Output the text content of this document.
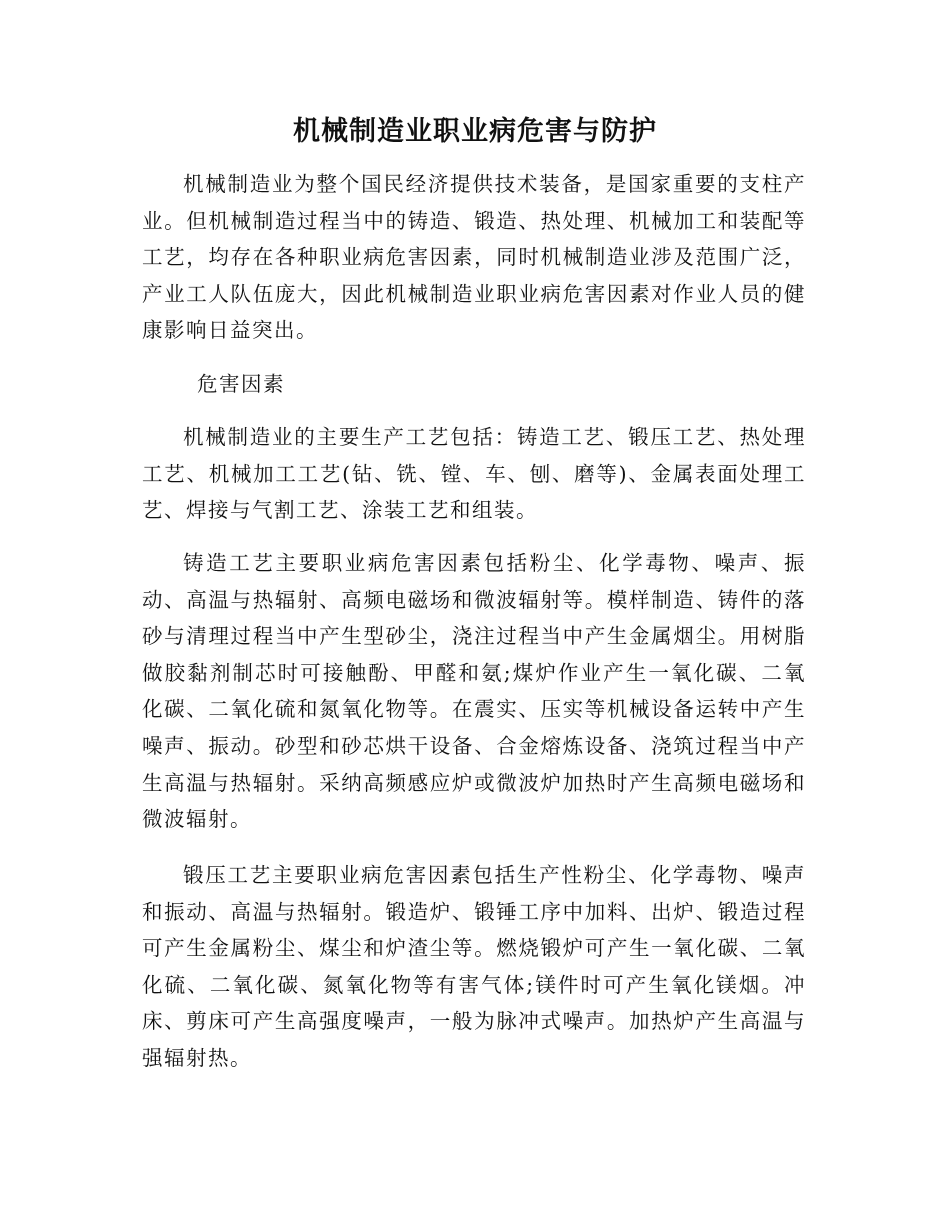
机械制造业职业病危害与防护

机械制造业为整个国民经济提供技术装备，是国家重要的支柱产业。但机械制造过程当中的铸造、锻造、热处理、机械加工和装配等工艺，均存在各种职业病危害因素，同时机械制造业涉及范围广泛，产业工人队伍庞大，因此机械制造业职业病危害因素对作业人员的健康影响日益突出。

危害因素

机械制造业的主要生产工艺包括：铸造工艺、锻压工艺、热处理工艺、机械加工工艺(钻、铣、镗、车、刨、磨等)、金属表面处理工艺、焊接与气割工艺、涂装工艺和组装。

铸造工艺主要职业病危害因素包括粉尘、化学毒物、噪声、振动、高温与热辐射、高频电磁场和微波辐射等。模样制造、铸件的落砂与清理过程当中产生型砂尘，浇注过程当中产生金属烟尘。用树脂做胶黏剂制芯时可接触酚、甲醛和氨;煤炉作业产生一氧化碳、二氧化碳、二氧化硫和氮氧化物等。在震实、压实等机械设备运转中产生噪声、振动。砂型和砂芯烘干设备、合金熔炼设备、浇筑过程当中产生高温与热辐射。采纳高频感应炉或微波炉加热时产生高频电磁场和微波辐射。

锻压工艺主要职业病危害因素包括生产性粉尘、化学毒物、噪声和振动、高温与热辐射。锻造炉、锻锤工序中加料、出炉、锻造过程可产生金属粉尘、煤尘和炉渣尘等。燃烧锻炉可产生一氧化碳、二氧化硫、二氧化碳、氮氧化物等有害气体;镁件时可产生氧化镁烟。冲床、剪床可产生高强度噪声，一般为脉冲式噪声。加热炉产生高温与强辐射热。
